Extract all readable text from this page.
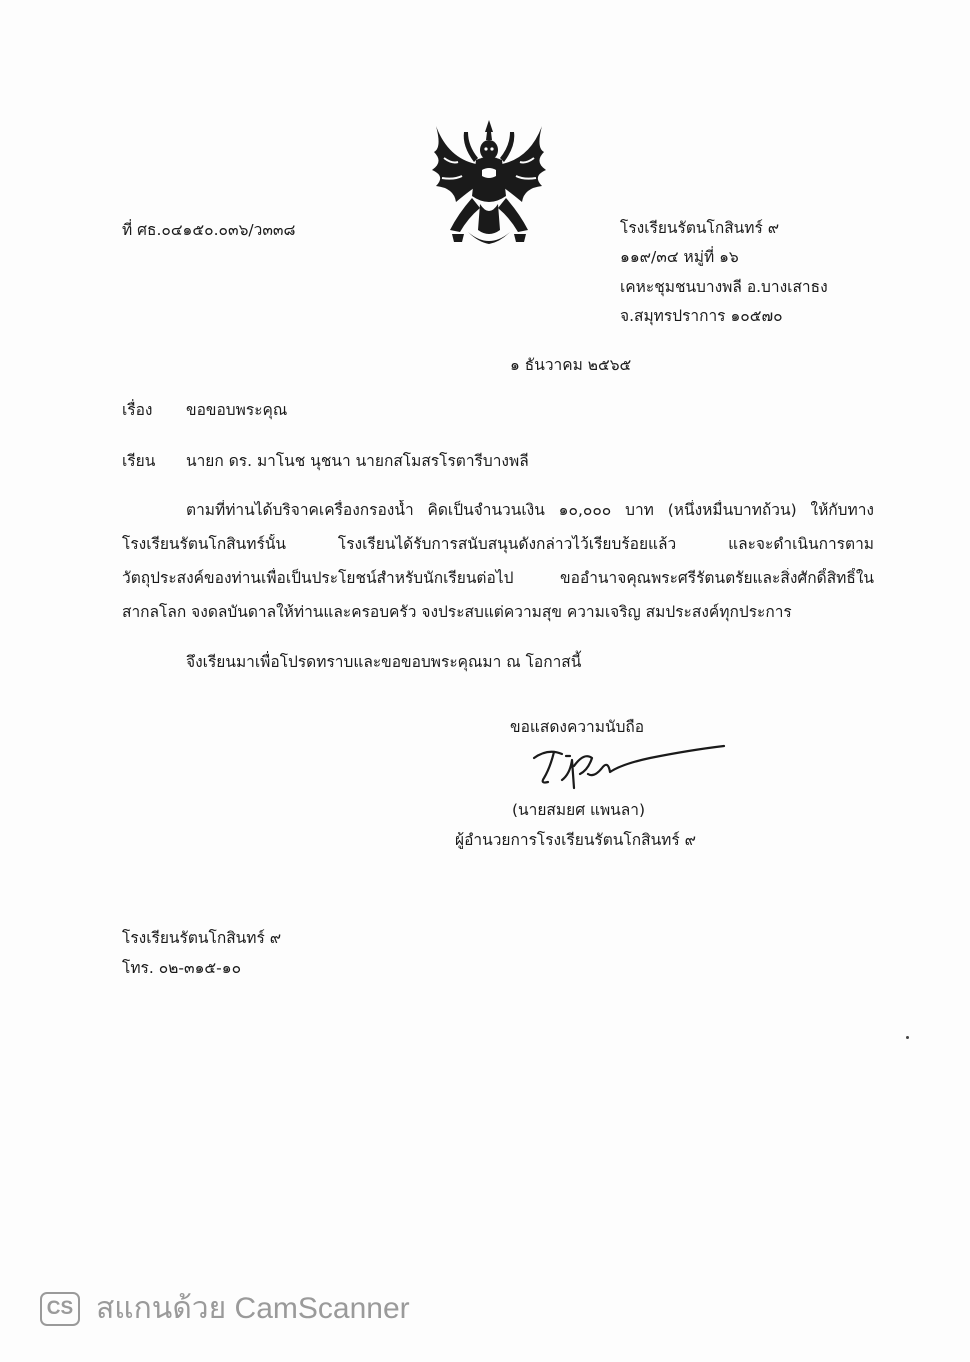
ที่ ศธ.๐๔๑๕๐.๐๓๖/ว๓๓๘	โรงเรียนรัตนโกสินทร์ ๙
๑๑๙/๓๔ หมู่ที่ ๑๖
เคหะชุมชนบางพลี อ.บางเสาธง
จ.สมุทรปราการ ๑๐๕๗๐
๑ ธันวาคม ๒๕๖๕
เรื่อง ขอขอบพระคุณ
เรียน นายก ดร. มาโนช นุชนา นายกสโมสรโรตารีบางพลี
ตามที่ท่านได้บริจาคเครื่องกรองน้ำ คิดเป็นจำนวนเงิน ๑๐,๐๐๐ บาท (หนึ่งหมื่นบาทถ้วน) ให้กับทาง
โรงเรียนรัตนโกสินทร์นั้น โรงเรียนได้รับการสนับสนุนดังกล่าวไว้เรียบร้อยแล้ว และจะดำเนินการตาม
วัตถุประสงค์ของท่านเพื่อเป็นประโยชน์สำหรับนักเรียนต่อไป ขออำนาจคุณพระศรีรัตนตรัยและสิ่งศักดิ์สิทธิ์ใน
สากลโลก จงดลบันดาลให้ท่านและครอบครัว จงประสบแต่ความสุข ความเจริญ สมประสงค์ทุกประการ
จึงเรียนมาเพื่อโปรดทราบและขอขอบพระคุณมา ณ โอกาสนี้
ขอแสดงความนับถือ
(นายสมยศ แพนลา)
ผู้อำนวยการโรงเรียนรัตนโกสินทร์ ๙
โรงเรียนรัตนโกสินทร์ ๙
โทร. ๐๒-๓๑๕-๑๐
CS สแกนด้วย CamScanner
